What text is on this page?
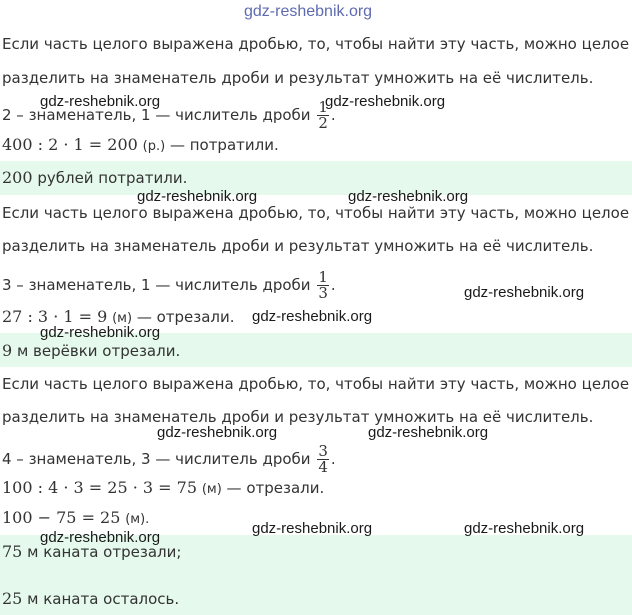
gdz-reshebnik.org
Если часть целого выражена дробью, то, чтобы найти эту часть, можно целое
разделить на знаменатель дроби и результат умножить на её числитель.
2 – знаменатель, 1 — числитель дроби $\frac{1}{2}$ .
400 : 2 · 1 = 200 (р.) — потратили.
200 рублей потратили.
Если часть целого выражена дробью, то, чтобы найти эту часть, можно целое
разделить на знаменатель дроби и результат умножить на её числитель.
3 – знаменатель, 1 — числитель дроби $\frac{1}{3}$ .
27 : 3 · 1 = 9 (м) — отрезали.
9 м верёвки отрезали.
Если часть целого выражена дробью, то, чтобы найти эту часть, можно целое
разделить на знаменатель дроби и результат умножить на её числитель.
4 – знаменатель, 3 — числитель дроби $\frac{3}{4}$ .
100 : 4 · 3 = 25 · 3 = 75 (м) — отрезали.
100 − 75 = 25 (м).
75 м каната отрезали;
25 м каната осталось.
gdz-reshebnik.org	gdz-reshebnik.org
gdz-reshebnik.org	gdz-reshebnik.org
gdz-reshebnik.org
gdz-reshebnik.org
gdz-reshebnik.org
gdz-reshebnik.org	gdz-reshebnik.org
gdz-reshebnik.org	gdz-reshebnik.org
gdz-reshebnik.org
